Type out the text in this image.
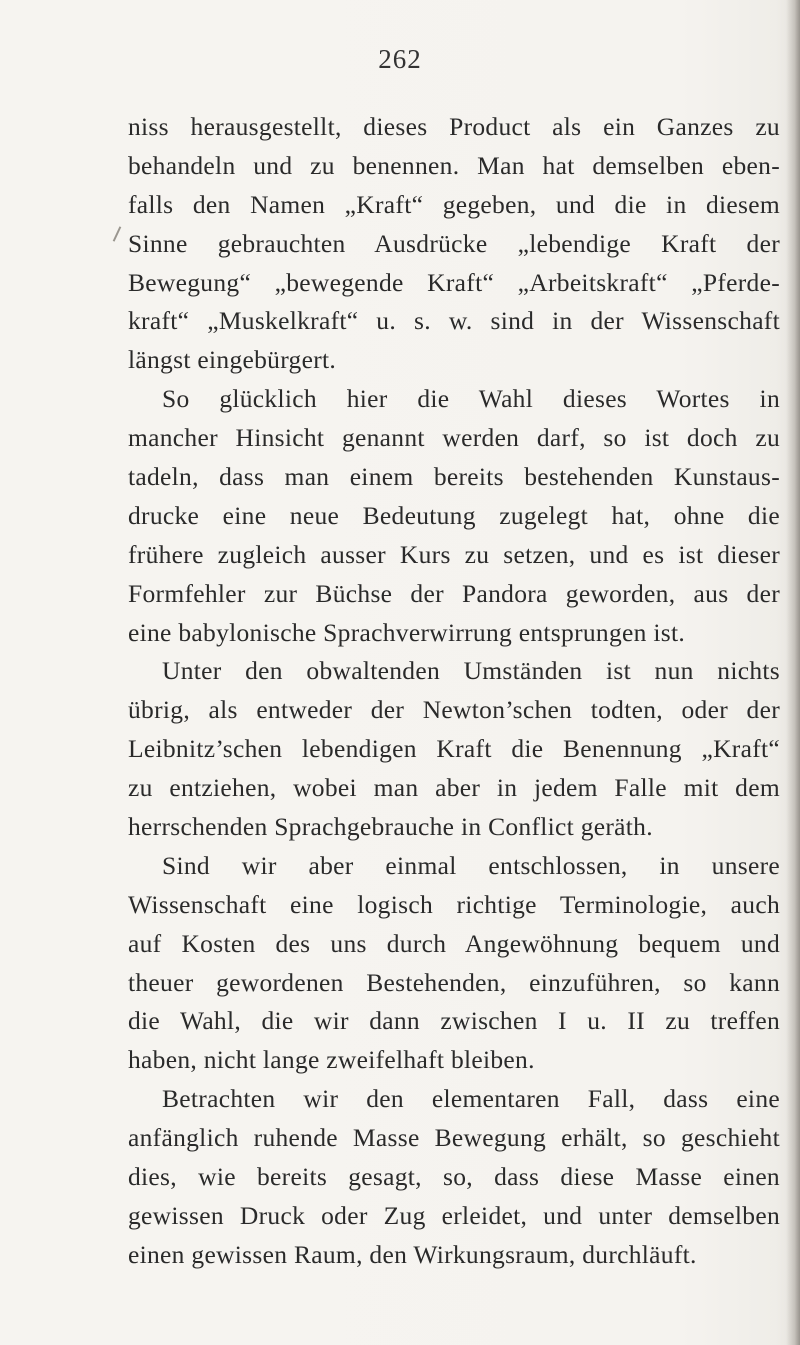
262
niss herausgestellt, dieses Product als ein Ganzes zu
behandeln und zu benennen. Man hat demselben eben-
falls den Namen „Kraft“ gegeben, und die in diesem
Sinne gebrauchten Ausdrücke „lebendige Kraft der
Bewegung“ „bewegende Kraft“ „Arbeitskraft“ „Pferde-
kraft“ „Muskelkraft“ u. s. w. sind in der Wissenschaft
längst eingebürgert.
So glücklich hier die Wahl dieses Wortes in
mancher Hinsicht genannt werden darf, so ist doch zu
tadeln, dass man einem bereits bestehenden Kunstaus-
drucke eine neue Bedeutung zugelegt hat, ohne die
frühere zugleich ausser Kurs zu setzen, und es ist dieser
Formfehler zur Büchse der Pandora geworden, aus der
eine babylonische Sprachverwirrung entsprungen ist.
Unter den obwaltenden Umständen ist nun nichts
übrig, als entweder der Newton’schen todten, oder der
Leibnitz’schen lebendigen Kraft die Benennung „Kraft“
zu entziehen, wobei man aber in jedem Falle mit dem
herrschenden Sprachgebrauche in Conflict geräth.
Sind wir aber einmal entschlossen, in unsere
Wissenschaft eine logisch richtige Terminologie, auch
auf Kosten des uns durch Angewöhnung bequem und
theuer gewordenen Bestehenden, einzuführen, so kann
die Wahl, die wir dann zwischen I u. II zu treffen
haben, nicht lange zweifelhaft bleiben.
Betrachten wir den elementaren Fall, dass eine
anfänglich ruhende Masse Bewegung erhält, so geschieht
dies, wie bereits gesagt, so, dass diese Masse einen
gewissen Druck oder Zug erleidet, und unter demselben
einen gewissen Raum, den Wirkungsraum, durchläuft.
